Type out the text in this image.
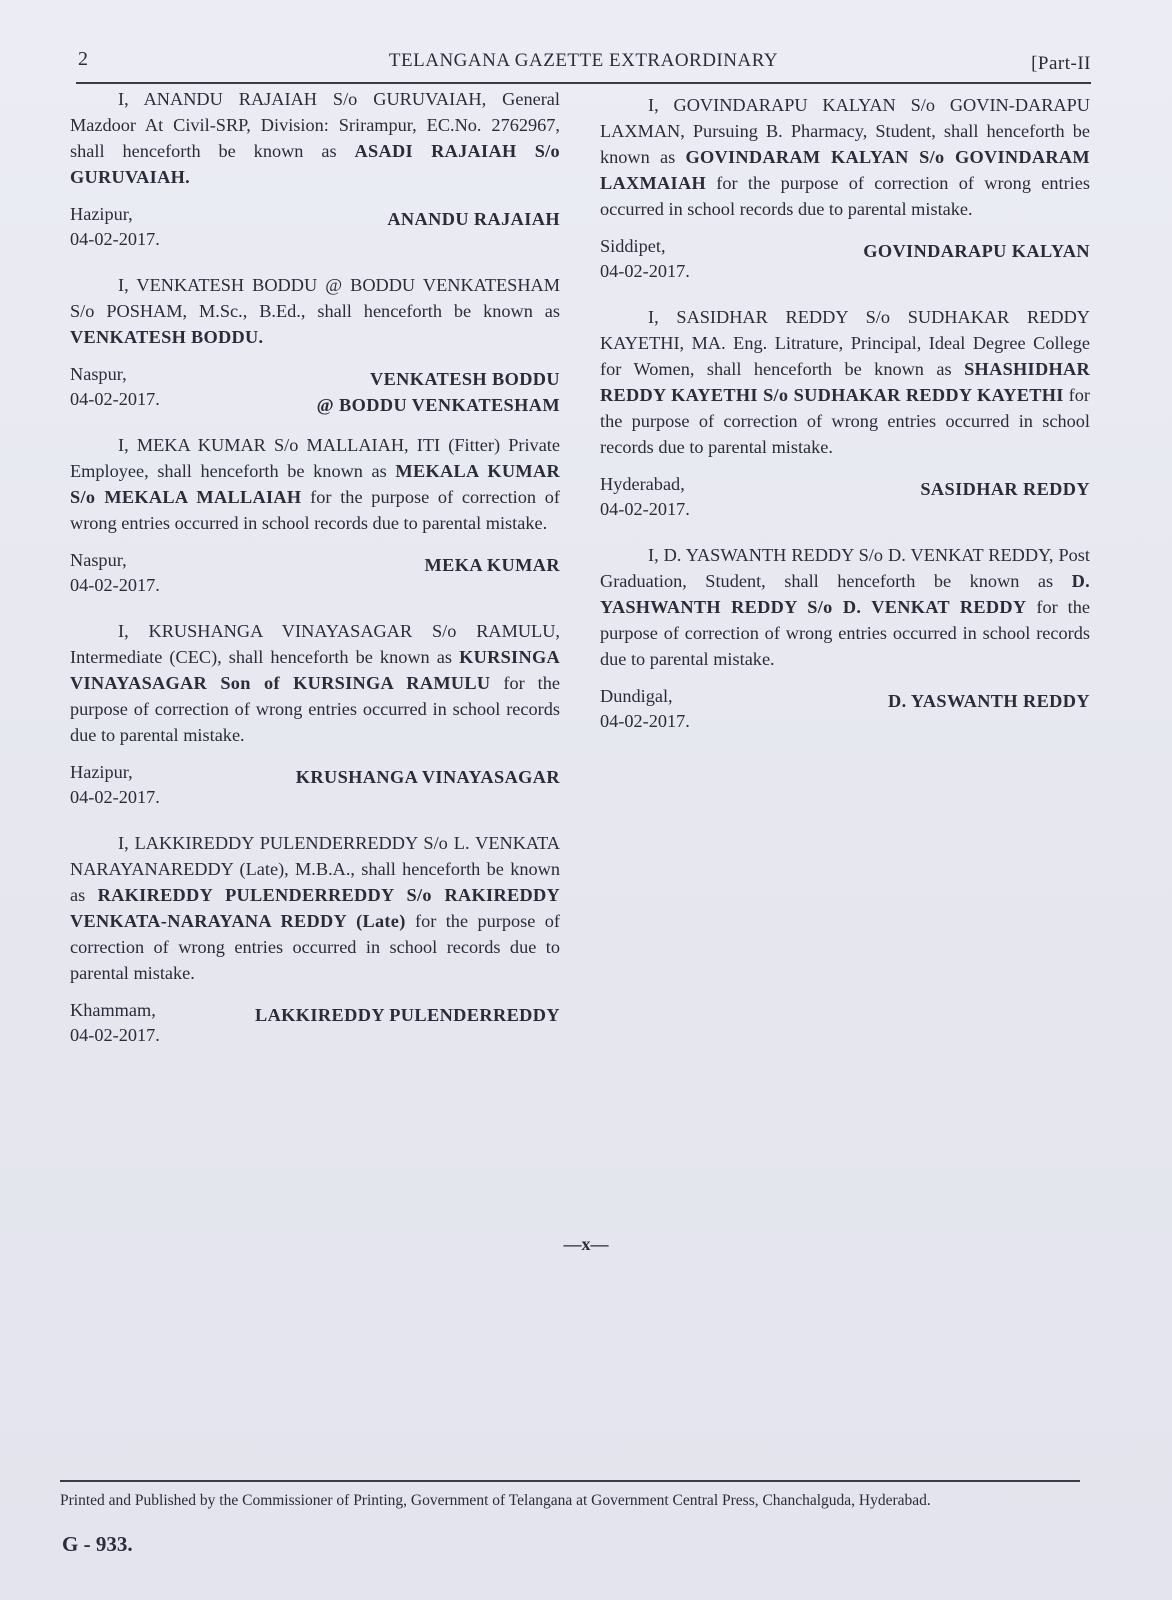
2	TELANGANA GAZETTE EXTRAORDINARY	[Part-II

I, ANANDU RAJAIAH S/o GURUVAIAH, General Mazdoor At Civil-SRP, Division: Srirampur, EC.No. 2762967, shall henceforth be known as ASADI RAJAIAH S/o GURUVAIAH.

Hazipur,
04-02-2017.
ANANDU RAJAIAH

I, VENKATESH BODDU @ BODDU VENKATESHAM S/o POSHAM, M.Sc., B.Ed., shall henceforth be known as VENKATESH BODDU.

Naspur,
04-02-2017.
VENKATESH BODDU
@ BODDU VENKATESHAM

I, MEKA KUMAR S/o MALLAIAH, ITI (Fitter) Private Employee, shall henceforth be known as MEKALA KUMAR S/o MEKALA MALLAIAH for the purpose of correction of wrong entries occurred in school records due to parental mistake.

Naspur,
04-02-2017.
MEKA KUMAR

I, KRUSHANGA VINAYASAGAR S/o RAMULU, Intermediate (CEC), shall henceforth be known as KURSINGA VINAYASAGAR Son of KURSINGA RAMULU for the purpose of correction of wrong entries occurred in school records due to parental mistake.

Hazipur,
04-02-2017.
KRUSHANGA VINAYASAGAR

I, LAKKIREDDY PULENDERREDDY S/o L. VENKATA NARAYANAREDDY (Late), M.B.A., shall henceforth be known as RAKIREDDY PULENDERREDDY S/o RAKIREDDY VENKATA-NARAYANA REDDY (Late) for the purpose of correction of wrong entries occurred in school records due to parental mistake.

Khammam,
04-02-2017.
LAKKIREDDY PULENDERREDDY

I, GOVINDARAPU KALYAN S/o GOVIN-DARAPU LAXMAN, Pursuing B. Pharmacy, Student, shall henceforth be known as GOVINDARAM KALYAN S/o GOVINDARAM LAXMAIAH for the purpose of correction of wrong entries occurred in school records due to parental mistake.

Siddipet,
04-02-2017.
GOVINDARAPU KALYAN

I, SASIDHAR REDDY S/o SUDHAKAR REDDY KAYETHI, MA. Eng. Litrature, Principal, Ideal Degree College for Women, shall henceforth be known as SHASHIDHAR REDDY KAYETHI S/o SUDHAKAR REDDY KAYETHI for the purpose of correction of wrong entries occurred in school records due to parental mistake.

Hyderabad,
04-02-2017.
SASIDHAR REDDY

I, D. YASWANTH REDDY S/o D. VENKAT REDDY, Post Graduation, Student, shall henceforth be known as D. YASHWANTH REDDY S/o D. VENKAT REDDY for the purpose of correction of wrong entries occurred in school records due to parental mistake.

Dundigal,
04-02-2017.
D. YASWANTH REDDY
—x—
Printed and Published by the Commissioner of Printing, Government of Telangana at Government Central Press, Chanchalguda, Hyderabad.
G - 933.
